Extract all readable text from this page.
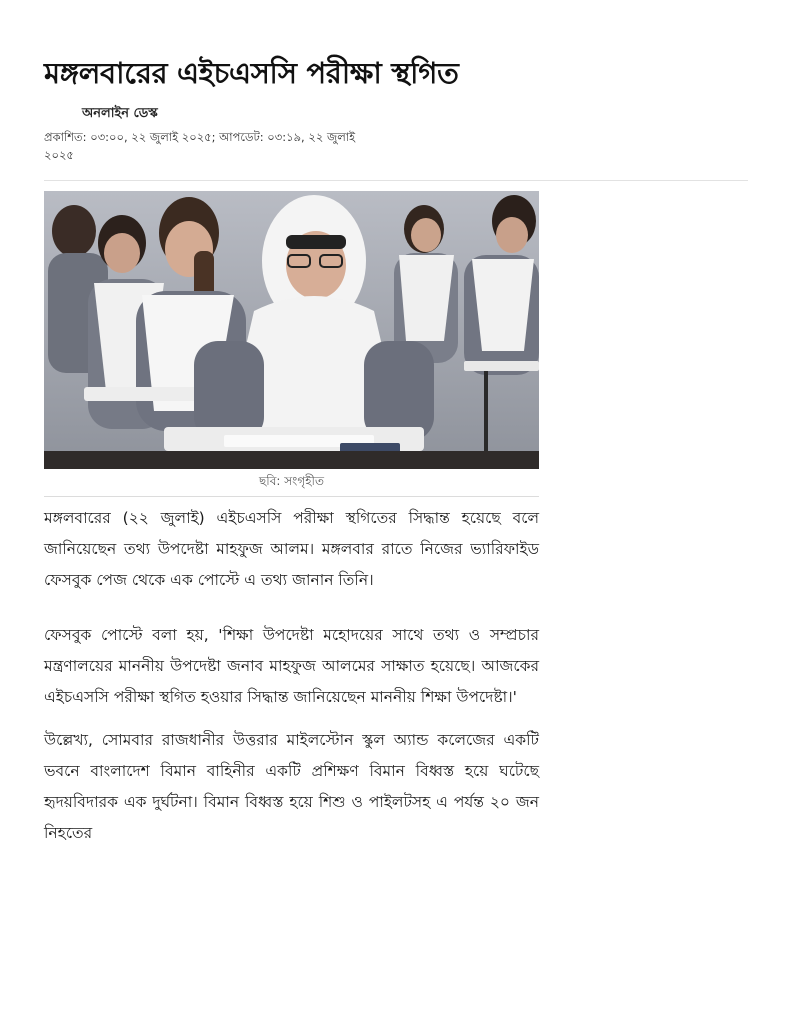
মঙ্গলবারের এইচএসসি পরীক্ষা স্থগিত
অনলাইন ডেস্ক
প্রকাশিত: ০৩:০০, ২২ জুলাই ২০২৫; আপডেট: ০৩:১৯, ২২ জুলাই ২০২৫
ছবি: সংগৃহীত

মঙ্গলবারের (২২ জুলাই) এইচএসসি পরীক্ষা স্থগিতের সিদ্ধান্ত হয়েছে বলে জানিয়েছেন তথ্য উপদেষ্টা মাহফুজ আলম। মঙ্গলবার রাতে নিজের ভ্যারিফাইড ফেসবুক পেজ থেকে এক পোস্টে এ তথ্য জানান তিনি।

ফেসবুক পোস্টে বলা হয়, 'শিক্ষা উপদেষ্টা মহোদয়ের সাথে তথ্য ও সম্প্রচার মন্ত্রণালয়ের মাননীয় উপদেষ্টা জনাব মাহফুজ আলমের সাক্ষাত হয়েছে। আজকের এইচএসসি পরীক্ষা স্থগিত হওয়ার সিদ্ধান্ত জানিয়েছেন মাননীয় শিক্ষা উপদেষ্টা।'

উল্লেখ্য, সোমবার রাজধানীর উত্তরার মাইলস্টোন স্কুল অ্যান্ড কলেজের একটি ভবনে বাংলাদেশ বিমান বাহিনীর একটি প্রশিক্ষণ বিমান বিধ্বস্ত হয়ে ঘটেছে হৃদয়বিদারক এক দুর্ঘটনা। বিমান বিধ্বস্ত হয়ে শিশু ও পাইলটসহ এ পর্যন্ত ২০ জন নিহতের
